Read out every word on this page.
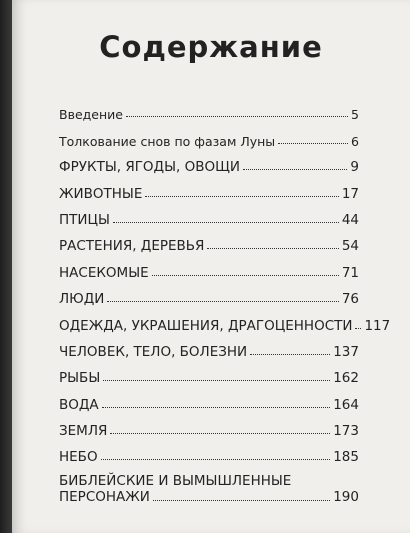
Содержание
Введение	5
Толкование снов по фазам Луны	6
ФРУКТЫ, ЯГОДЫ, ОВОЩИ	9
ЖИВОТНЫЕ	17
ПТИЦЫ	44
РАСТЕНИЯ, ДЕРЕВЬЯ	54
НАСЕКОМЫЕ	71
ЛЮДИ	76
ОДЕЖДА, УКРАШЕНИЯ, ДРАГОЦЕННОСТИ 117
ЧЕЛОВЕК, ТЕЛО, БОЛЕЗНИ	137
РЫБЫ	162
ВОДА	164
ЗЕМЛЯ	173
НЕБО	185
БИБЛЕЙСКИЕ И ВЫМЫШЛЕННЫЕ
ПЕРСОНАЖИ	190
